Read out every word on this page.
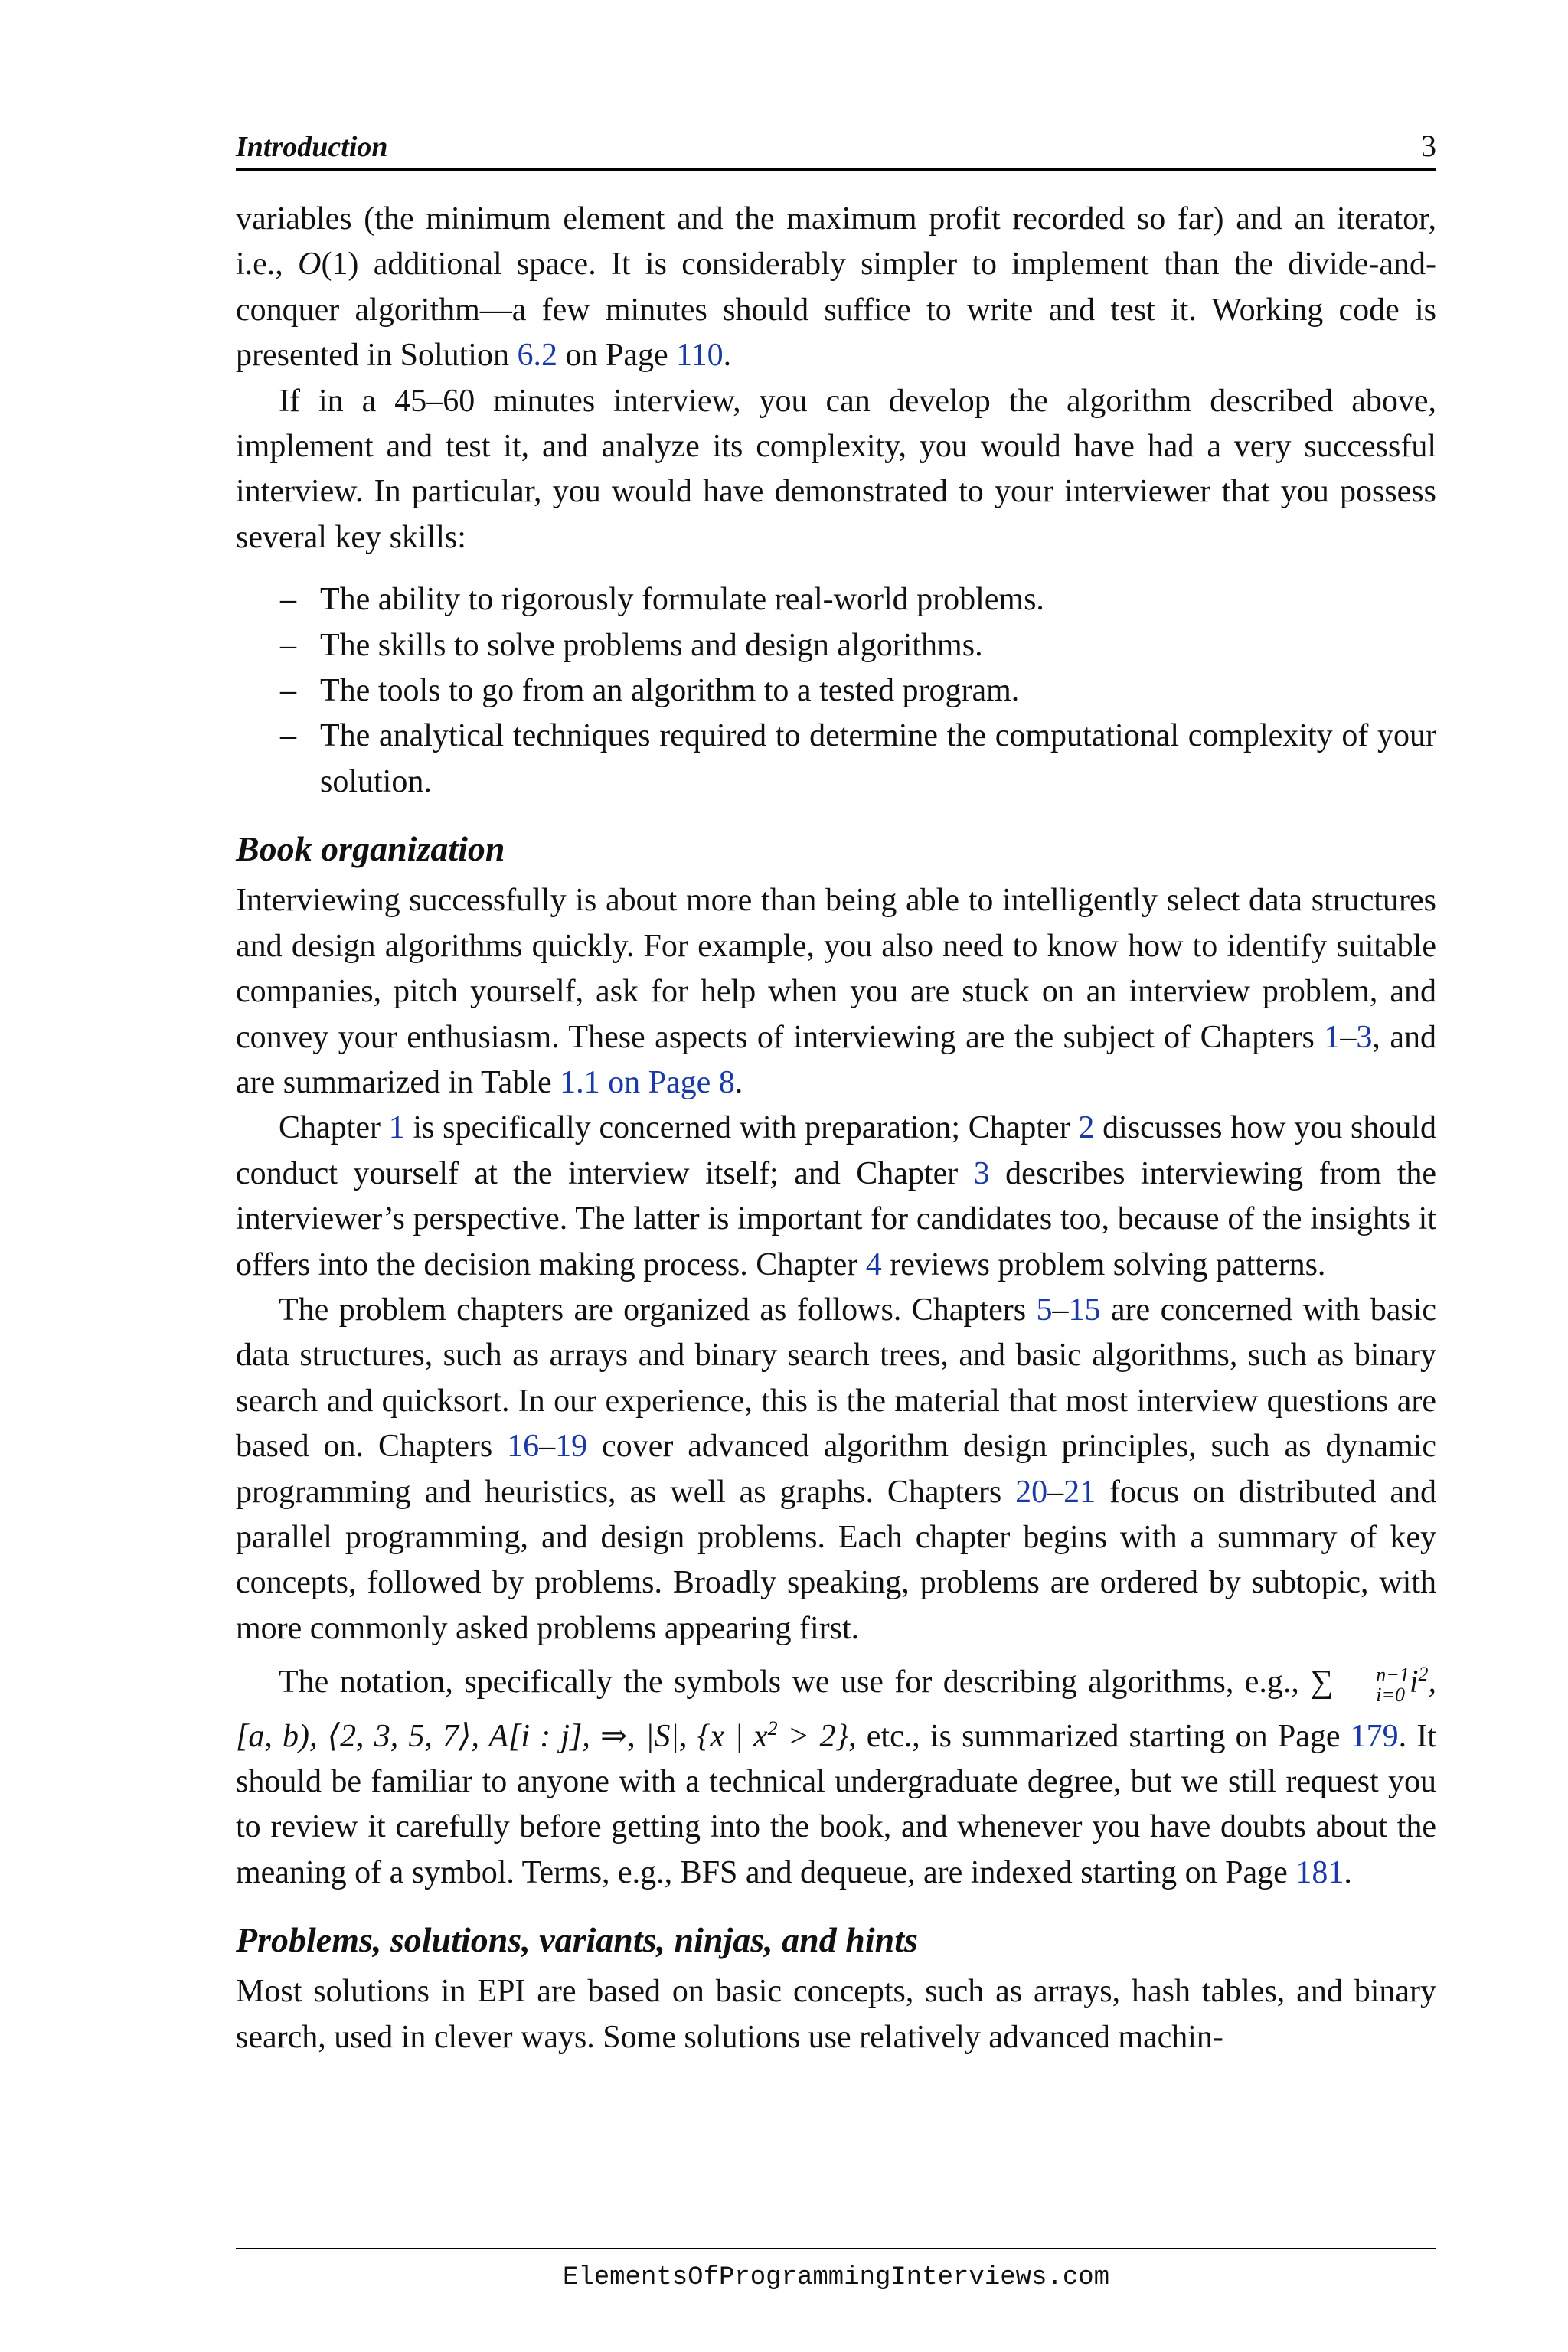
Introduction	3

variables (the minimum element and the maximum profit recorded so far) and an iterator, i.e., O(1) additional space. It is considerably simpler to implement than the divide-and-conquer algorithm—a few minutes should suffice to write and test it. Working code is presented in Solution 6.2 on Page 110.

If in a 45–60 minutes interview, you can develop the algorithm described above, implement and test it, and analyze its complexity, you would have had a very successful interview. In particular, you would have demonstrated to your interviewer that you possess several key skills:

– The ability to rigorously formulate real-world problems.
– The skills to solve problems and design algorithms.
– The tools to go from an algorithm to a tested program.
– The analytical techniques required to determine the computational complexity of your solution.
Book organization

Interviewing successfully is about more than being able to intelligently select data structures and design algorithms quickly. For example, you also need to know how to identify suitable companies, pitch yourself, ask for help when you are stuck on an interview problem, and convey your enthusiasm. These aspects of interviewing are the subject of Chapters 1–3, and are summarized in Table 1.1 on Page 8.

Chapter 1 is specifically concerned with preparation; Chapter 2 discusses how you should conduct yourself at the interview itself; and Chapter 3 describes interviewing from the interviewer’s perspective. The latter is important for candidates too, because of the insights it offers into the decision making process. Chapter 4 reviews problem solving patterns.

The problem chapters are organized as follows. Chapters 5–15 are concerned with basic data structures, such as arrays and binary search trees, and basic algorithms, such as binary search and quicksort. In our experience, this is the material that most interview questions are based on. Chapters 16–19 cover advanced algorithm design principles, such as dynamic programming and heuristics, as well as graphs. Chapters 20–21 focus on distributed and parallel programming, and design problems. Each chapter begins with a summary of key concepts, followed by problems. Broadly speaking, problems are ordered by subtopic, with more commonly asked problems appearing first.

The notation, specifically the symbols we use for describing algorithms, e.g., ∑	n−1
i=0 $i^2$, [a, b), ⟨2, 3, 5, 7⟩, A[i : j], ⇒, |S|, {x | $x^2 > 2$}, etc., is summarized starting on Page 179. It should be familiar to anyone with a technical undergraduate degree, but we still request you to review it carefully before getting into the book, and whenever you have doubts about the meaning of a symbol. Terms, e.g., BFS and dequeue, are indexed starting on Page 181.

Problems, solutions, variants, ninjas, and hints

Most solutions in EPI are based on basic concepts, such as arrays, hash tables, and binary search, used in clever ways. Some solutions use relatively advanced machin-

ElementsOfProgrammingInterviews.com
